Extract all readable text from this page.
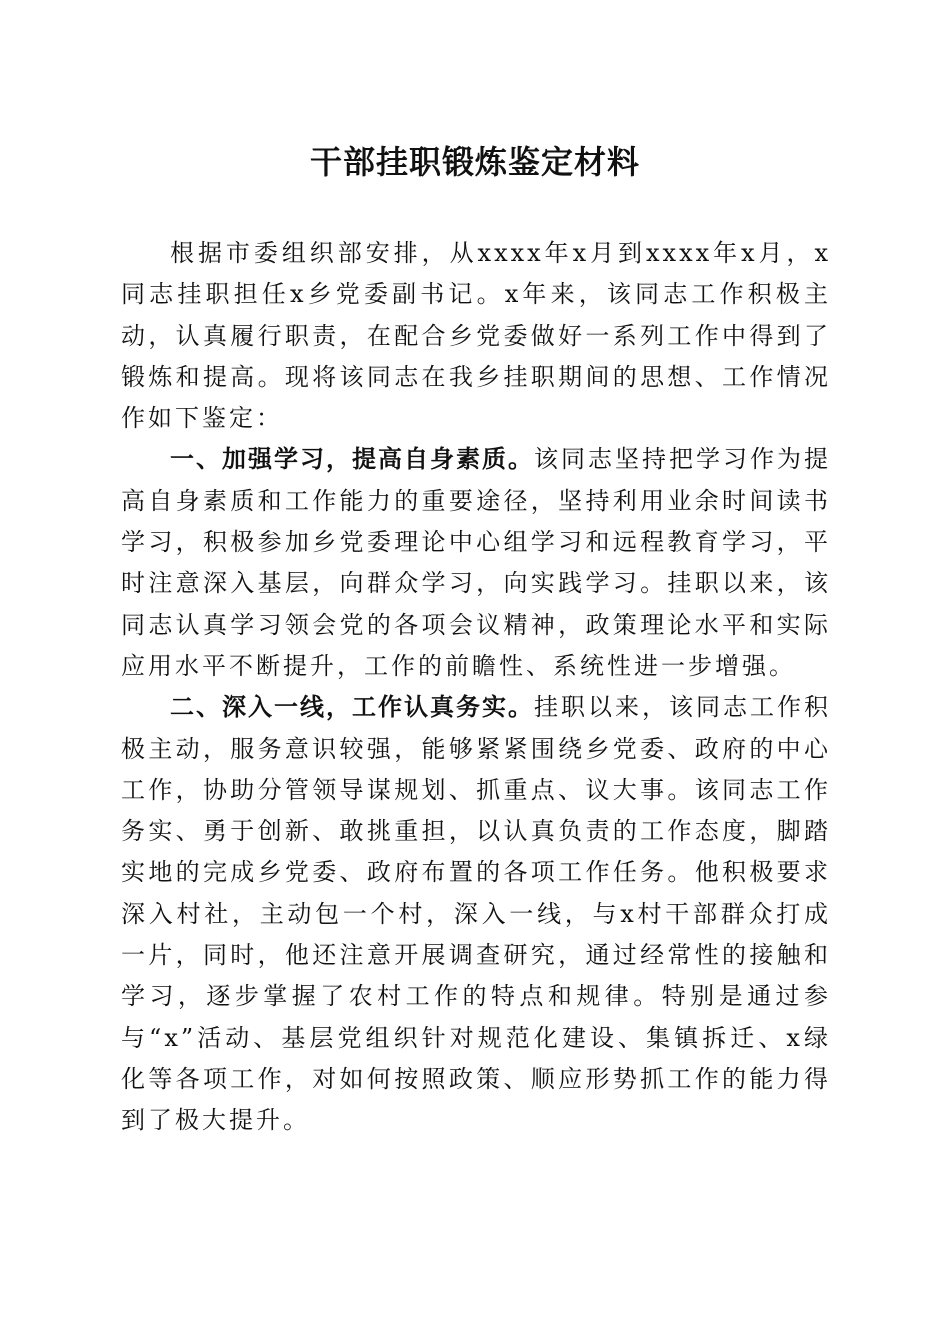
干部挂职锻炼鉴定材料

根据市委组织部安排，从xxxx年x月到xxxx年x月，x同志挂职担任x乡党委副书记。x年来，该同志工作积极主动，认真履行职责，在配合乡党委做好一系列工作中得到了锻炼和提高。现将该同志在我乡挂职期间的思想、工作情况作如下鉴定：

一、加强学习，提高自身素质。该同志坚持把学习作为提高自身素质和工作能力的重要途径，坚持利用业余时间读书学习，积极参加乡党委理论中心组学习和远程教育学习，平时注意深入基层，向群众学习，向实践学习。挂职以来，该同志认真学习领会党的各项会议精神，政策理论水平和实际应用水平不断提升，工作的前瞻性、系统性进一步增强。

二、深入一线，工作认真务实。挂职以来，该同志工作积极主动，服务意识较强，能够紧紧围绕乡党委、政府的中心工作，协助分管领导谋规划、抓重点、议大事。该同志工作务实、勇于创新、敢挑重担，以认真负责的工作态度，脚踏实地的完成乡党委、政府布置的各项工作任务。他积极要求深入村社，主动包一个村，深入一线，与x村干部群众打成一片，同时，他还注意开展调查研究，通过经常性的接触和学习，逐步掌握了农村工作的特点和规律。特别是通过参与“x”活动、基层党组织针对规范化建设、集镇拆迁、x绿化等各项工作，对如何按照政策、顺应形势抓工作的能力得到了极大提升。
